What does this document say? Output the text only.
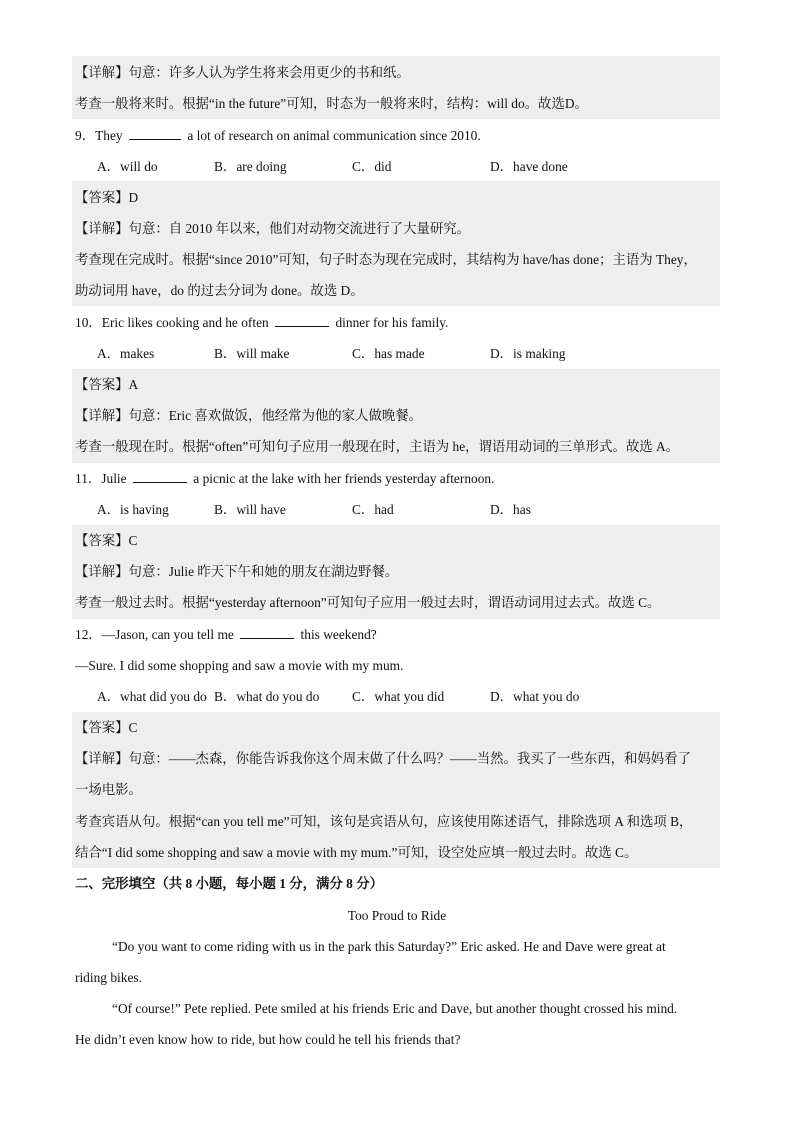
【详解】句意：许多人认为学生将来会用更少的书和纸。
考查一般将来时。根据“in the future”可知，时态为一般将来时，结构：will do。故选D。
9．They	a lot of research on animal communication since 2010.
A．will do	B．are doing	C．did	D．have done
【答案】D
【详解】句意：自 2010 年以来，他们对动物交流进行了大量研究。
考查现在完成时。根据“since 2010”可知，句子时态为现在完成时，其结构为 have/has done；主语为 They，
助动词用 have，do 的过去分词为 done。故选 D。
10．Eric likes cooking and he often	dinner for his family.
A．makes	B．will make	C．has made	D．is making
【答案】A
【详解】句意：Eric 喜欢做饭，他经常为他的家人做晚餐。
考查一般现在时。根据“often”可知句子应用一般现在时，主语为 he，谓语用动词的三单形式。故选 A。
11．Julie	a picnic at the lake with her friends yesterday afternoon.
A．is having	B．will have	C．had	D．has
【答案】C
【详解】句意：Julie 昨天下午和她的朋友在湖边野餐。
考查一般过去时。根据“yesterday afternoon”可知句子应用一般过去时，谓语动词用过去式。故选 C。
12．—Jason, can you tell me	this weekend?
—Sure. I did some shopping and saw a movie with my mum.
A．what did you do B．what do you do C．what you did	D．what you do
【答案】C
【详解】句意：——杰森，你能告诉我你这个周末做了什么吗？——当然。我买了一些东西，和妈妈看了
一场电影。
考查宾语从句。根据“can you tell me”可知，该句是宾语从句，应该使用陈述语气，排除选项 A 和选项 B，
结合“I did some shopping and saw a movie with my mum.”可知，设空处应填一般过去时。故选 C。
二、完形填空（共 8 小题，每小题 1 分，满分 8 分）
Too Proud to Ride
“Do you want to come riding with us in the park this Saturday?” Eric asked. He and Dave were great at
riding bikes.
“Of course!” Pete replied. Pete smiled at his friends Eric and Dave, but another thought crossed his mind.
He didn’t even know how to ride, but how could he tell his friends that?
